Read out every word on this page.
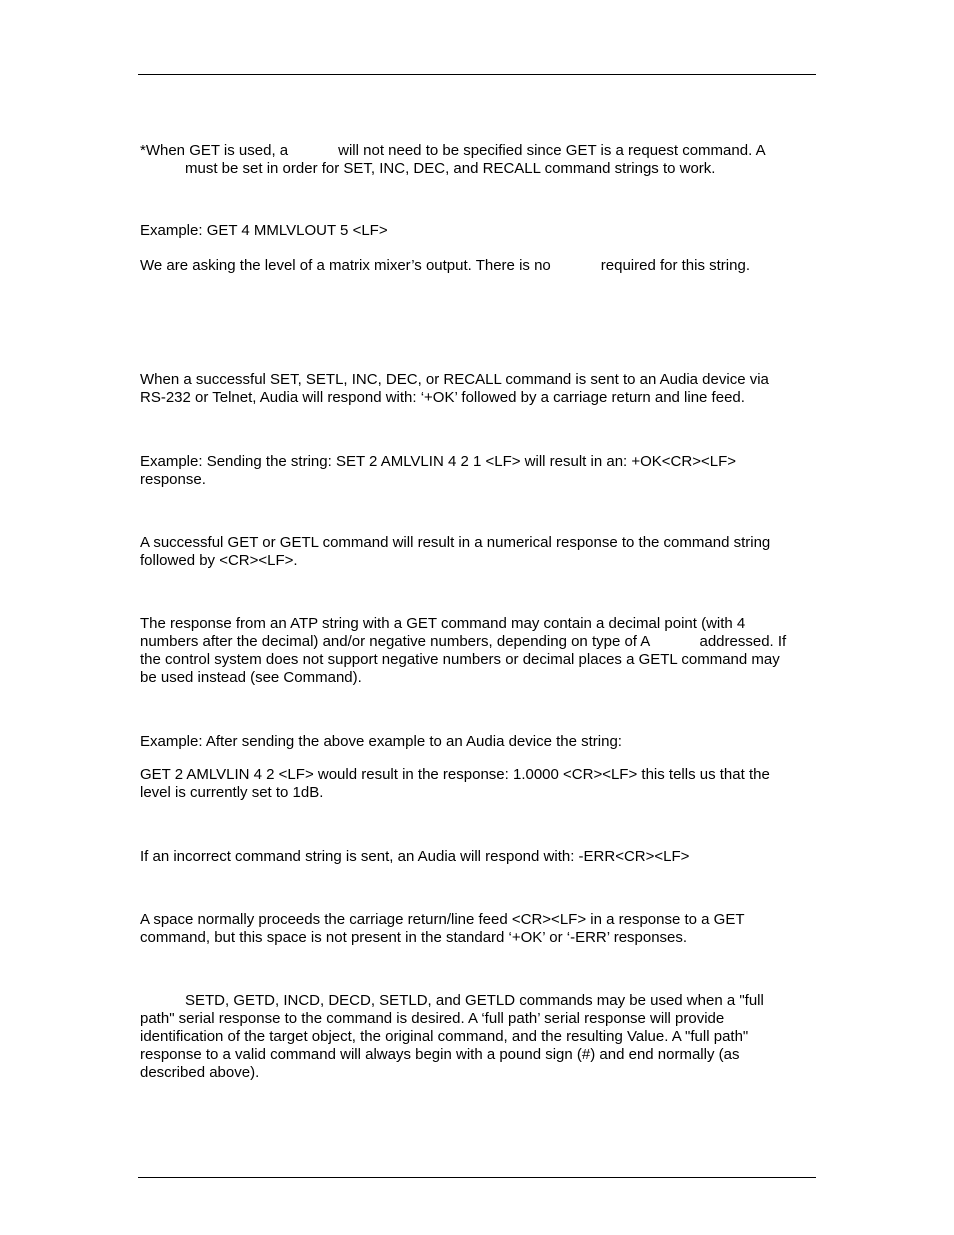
*When GET is used, a            will not need to be specified since GET is a request command. A
must be set in order for SET, INC, DEC, and RECALL command strings to work.
Example: GET 4 MMLVLOUT 5 <LF>
We are asking the level of a matrix mixer’s output. There is no            required for this string.
When a successful SET, SETL, INC, DEC, or RECALL command is sent to an Audia device via
RS-232 or Telnet, Audia will respond with: ‘+OK’ followed by a carriage return and line feed.
Example: Sending the string: SET 2 AMLVLIN 4 2 1 <LF> will result in an: +OK<CR><LF>
response.
A successful GET or GETL command will result in a numerical response to the command string
followed by <CR><LF>.
The response from an ATP string with a GET command may contain a decimal point (with 4
numbers after the decimal) and/or negative numbers, depending on type of A            addressed. If
the control system does not support negative numbers or decimal places a GETL command may
be used instead (see Command).
Example: After sending the above example to an Audia device the string:
GET 2 AMLVLIN 4 2 <LF> would result in the response: 1.0000 <CR><LF> this tells us that the
level is currently set to 1dB.
If an incorrect command string is sent, an Audia will respond with: -ERR<CR><LF>
A space normally proceeds the carriage return/line feed <CR><LF> in a response to a GET
command, but this space is not present in the standard ‘+OK’ or ‘-ERR’ responses.
SETD, GETD, INCD, DECD, SETLD, and GETLD commands may be used when a "full
path" serial response to the command is desired. A ‘full path’ serial response will provide
identification of the target object, the original command, and the resulting Value. A "full path"
response to a valid command will always begin with a pound sign (#) and end normally (as
described above).
